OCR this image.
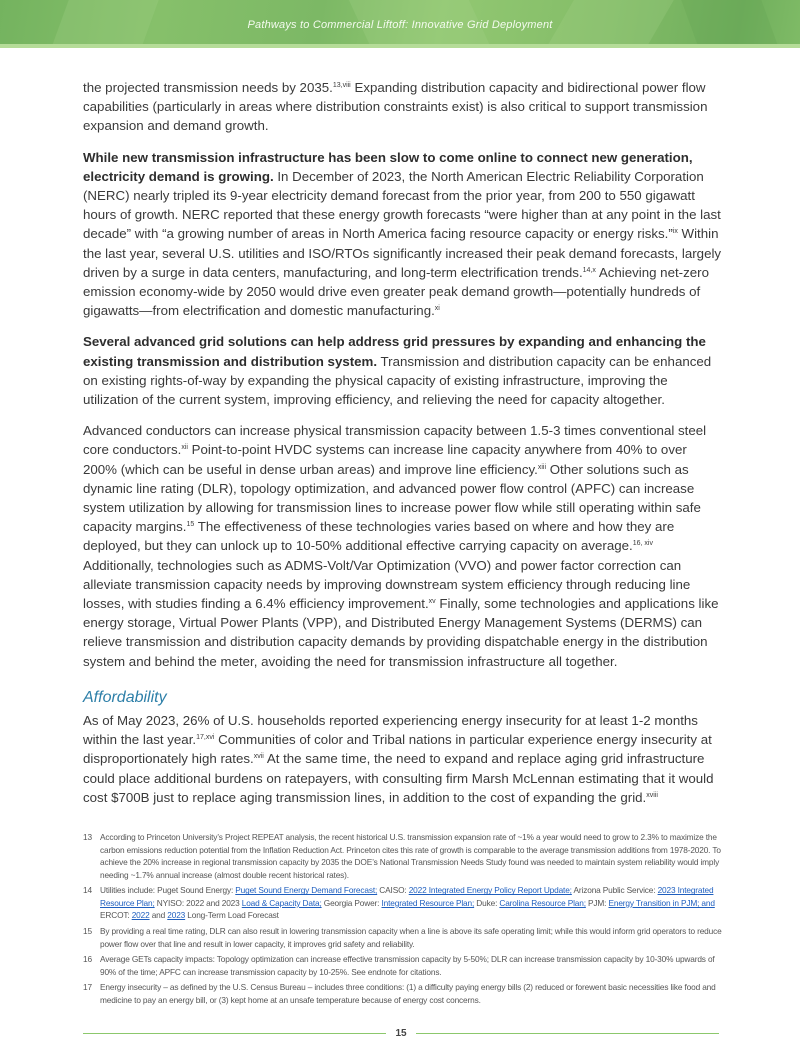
Pathways to Commercial Liftoff: Innovative Grid Deployment

the projected transmission needs by 2035.$^{13,viii}$ Expanding distribution capacity and bidirectional power flow capabilities (particularly in areas where distribution constraints exist) is also critical to support transmission expansion and demand growth.

While new transmission infrastructure has been slow to come online to connect new generation, electricity demand is growing. In December of 2023, the North American Electric Reliability Corporation (NERC) nearly tripled its 9-year electricity demand forecast from the prior year, from 200 to 550 gigawatt hours of growth. NERC reported that these energy growth forecasts “were higher than at any point in the last decade” with “a growing number of areas in North America facing resource capacity or energy risks.”$^{ix}$ Within the last year, several U.S. utilities and ISO/RTOs significantly increased their peak demand forecasts, largely driven by a surge in data centers, manufacturing, and long-term electrification trends.$^{14,x}$ Achieving net-zero emission economy-wide by 2050 would drive even greater peak demand growth—potentially hundreds of gigawatts—from electrification and domestic manufacturing.$^{xi}$

Several advanced grid solutions can help address grid pressures by expanding and enhancing the existing transmission and distribution system. Transmission and distribution capacity can be enhanced on existing rights-of-way by expanding the physical capacity of existing infrastructure, improving the utilization of the current system, improving efficiency, and relieving the need for capacity altogether.

Advanced conductors can increase physical transmission capacity between 1.5-3 times conventional steel core conductors.$^{xii}$ Point-to-point HVDC systems can increase line capacity anywhere from 40% to over 200% (which can be useful in dense urban areas) and improve line efficiency.$^{xiii}$ Other solutions such as dynamic line rating (DLR), topology optimization, and advanced power flow control (APFC) can increase system utilization by allowing for transmission lines to increase power flow while still operating within safe capacity margins.$^{15}$ The effectiveness of these technologies varies based on where and how they are deployed, but they can unlock up to 10-50% additional effective carrying capacity on average.$^{16, xiv}$ Additionally, technologies such as ADMS-Volt/Var Optimization (VVO) and power factor correction can alleviate transmission capacity needs by improving downstream system efficiency through reducing line losses, with studies finding a 6.4% efficiency improvement.$^{xv}$ Finally, some technologies and applications like energy storage, Virtual Power Plants (VPP), and Distributed Energy Management Systems (DERMS) can relieve transmission and distribution capacity demands by providing dispatchable energy in the distribution system and behind the meter, avoiding the need for transmission infrastructure all together.

Affordability

As of May 2023, 26% of U.S. households reported experiencing energy insecurity for at least 1-2 months within the last year.$^{17,xvi}$ Communities of color and Tribal nations in particular experience energy insecurity at disproportionately high rates.$^{xvii}$ At the same time, the need to expand and replace aging grid infrastructure could place additional burdens on ratepayers, with consulting firm Marsh McLennan estimating that it would cost $700B just to replace aging transmission lines, in addition to the cost of expanding the grid.$^{xviii}$

13 According to Princeton University’s Project REPEAT analysis, the recent historical U.S. transmission expansion rate of ~1% a year would need to grow to 2.3% to maximize the carbon emissions reduction potential from the Inflation Reduction Act. Princeton cites this rate of growth is comparable to the average transmission additions from 1978-2020. To achieve the 20% increase in regional transmission capacity by 2035 the DOE’s National Transmission Needs Study found was needed to maintain system reliability would imply needing ~1.7% annual increase (almost double recent historical rates).
14 Utilities include: Puget Sound Energy: Puget Sound Energy Demand Forecast; CAISO: 2022 Integrated Energy Policy Report Update; Arizona Public Service: 2023 Integrated Resource Plan; NYISO: 2022 and 2023 Load & Capacity Data; Georgia Power: Integrated Resource Plan; Duke: Carolina Resource Plan; PJM: Energy Transition in PJM; and ERCOT: 2022 and 2023 Long-Term Load Forecast
15 By providing a real time rating, DLR can also result in lowering transmission capacity when a line is above its safe operating limit; while this would inform grid operators to reduce power flow over that line and result in lower capacity, it improves grid safety and reliability.
16 Average GETs capacity impacts: Topology optimization can increase effective transmission capacity by 5-50%; DLR can increase transmission capacity by 10-30% upwards of 90% of the time; APFC can increase transmission capacity by 10-25%. See endnote for citations.
17 Energy insecurity – as defined by the U.S. Census Bureau – includes three conditions: (1) a difficulty paying energy bills (2) reduced or forewent basic necessities like food and medicine to pay an energy bill, or (3) kept home at an unsafe temperature because of energy cost concerns.
15
